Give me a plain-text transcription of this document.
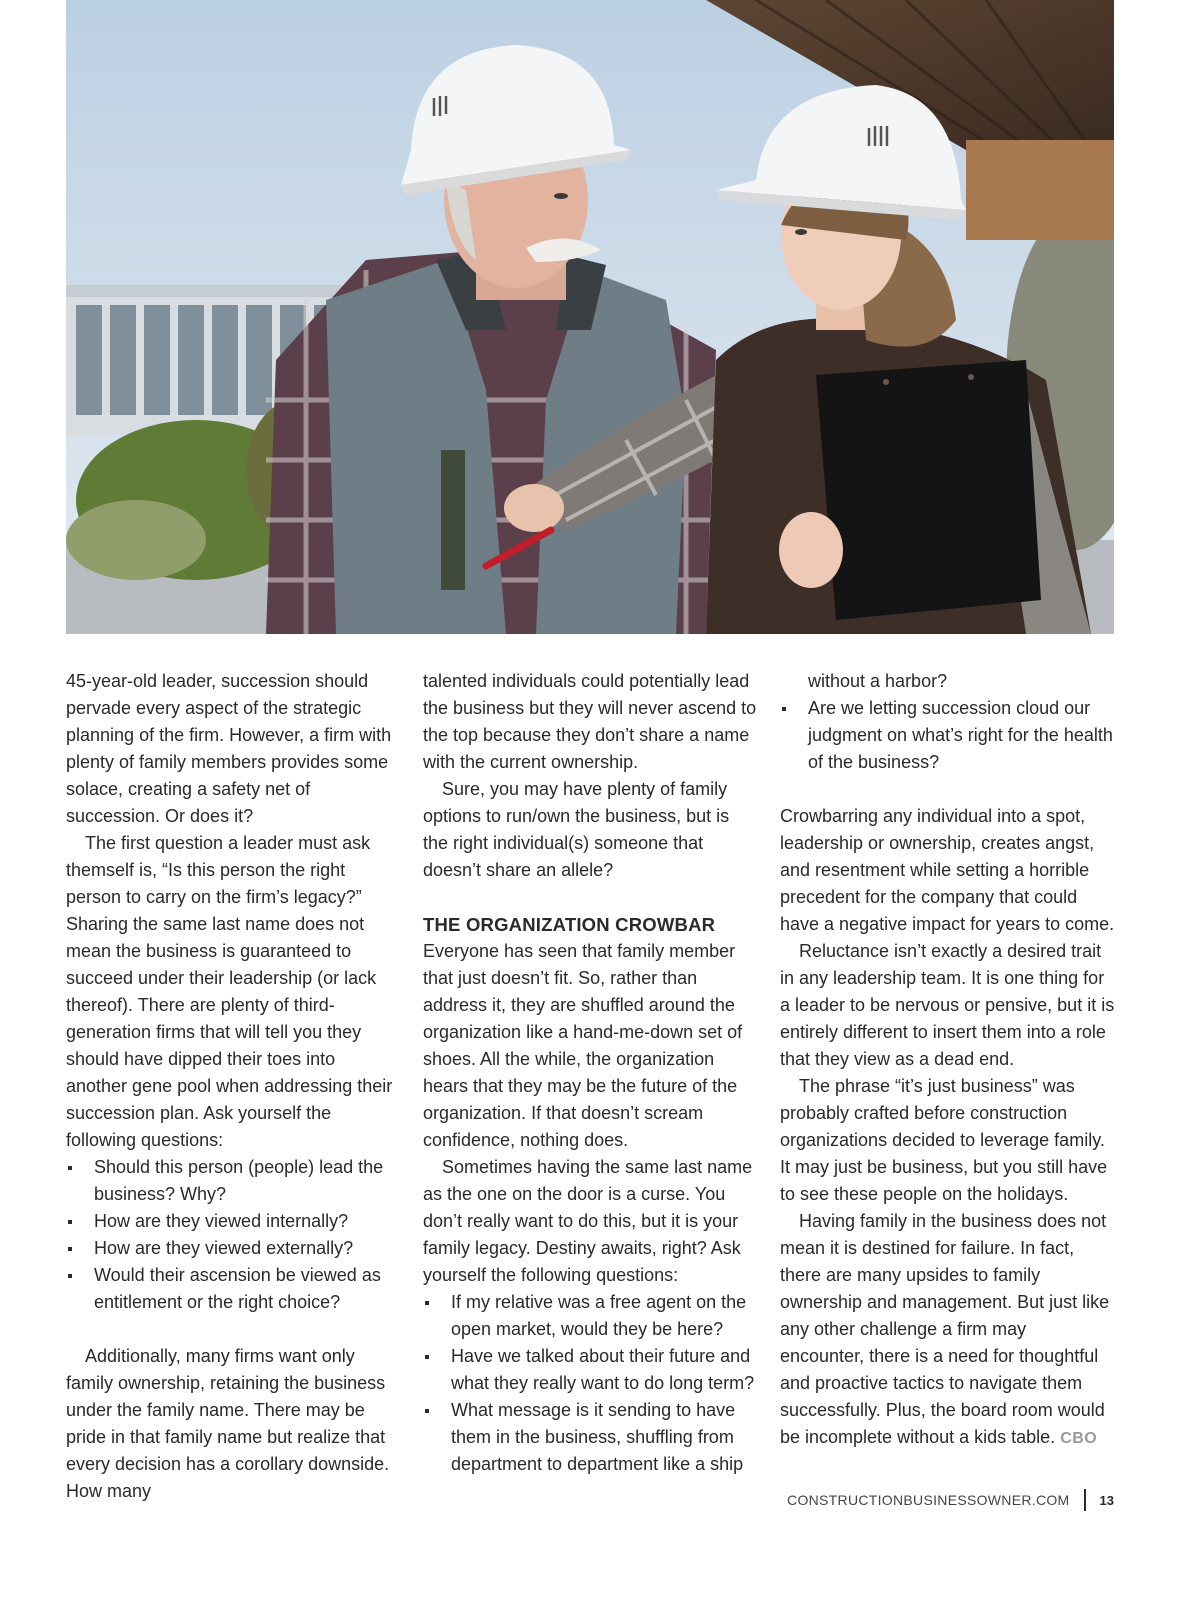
45-year-old leader, succession should pervade every aspect of the strategic planning of the firm. However, a firm with plenty of family members provides some solace, creating a safety net of succession. Or does it?

The first question a leader must ask themself is, “Is this person the right person to carry on the firm’s legacy?” Sharing the same last name does not mean the business is guaranteed to succeed under their leadership (or lack thereof). There are plenty of third-generation firms that will tell you they should have dipped their toes into another gene pool when addressing their succession plan. Ask yourself the following questions:

Should this person (people) lead the business? Why?
How are they viewed internally?
How are they viewed externally?
Would their ascension be viewed as entitlement or the right choice?

Additionally, many firms want only family ownership, retaining the business under the family name. There may be pride in that family name but realize that every decision has a corollary downside. How many

talented individuals could potentially lead the business but they will never ascend to the top because they don’t share a name with the current ownership.

Sure, you may have plenty of family options to run/own the business, but is the right individual(s) someone that doesn’t share an allele?

THE ORGANIZATION CROWBAR

Everyone has seen that family member that just doesn’t fit. So, rather than address it, they are shuffled around the organization like a hand-me-down set of shoes. All the while, the organization hears that they may be the future of the organization. If that doesn’t scream confidence, nothing does.

Sometimes having the same last name as the one on the door is a curse. You don’t really want to do this, but it is your family legacy. Destiny awaits, right? Ask yourself the following questions:

If my relative was a free agent on the open market, would they be here?
Have we talked about their future and what they really want to do long term?
What message is it sending to have them in the business, shuffling from department to department like a ship

without a harbor?

Are we letting succession cloud our judgment on what’s right for the health of the business?

Crowbarring any individual into a spot, leadership or ownership, creates angst, and resentment while setting a horrible precedent for the company that could have a negative impact for years to come.

Reluctance isn’t exactly a desired trait in any leadership team. It is one thing for a leader to be nervous or pensive, but it is entirely different to insert them into a role that they view as a dead end.

The phrase “it’s just business” was probably crafted before construction organizations decided to leverage family. It may just be business, but you still have to see these people on the holidays.

Having family in the business does not mean it is destined for failure. In fact, there are many upsides to family ownership and management. But just like any other challenge a firm may encounter, there is a need for thoughtful and proactive tactics to navigate them successfully. Plus, the board room would be incomplete without a kids table. CBO

CONSTRUCTIONBUSINESSOWNER.COM 13
